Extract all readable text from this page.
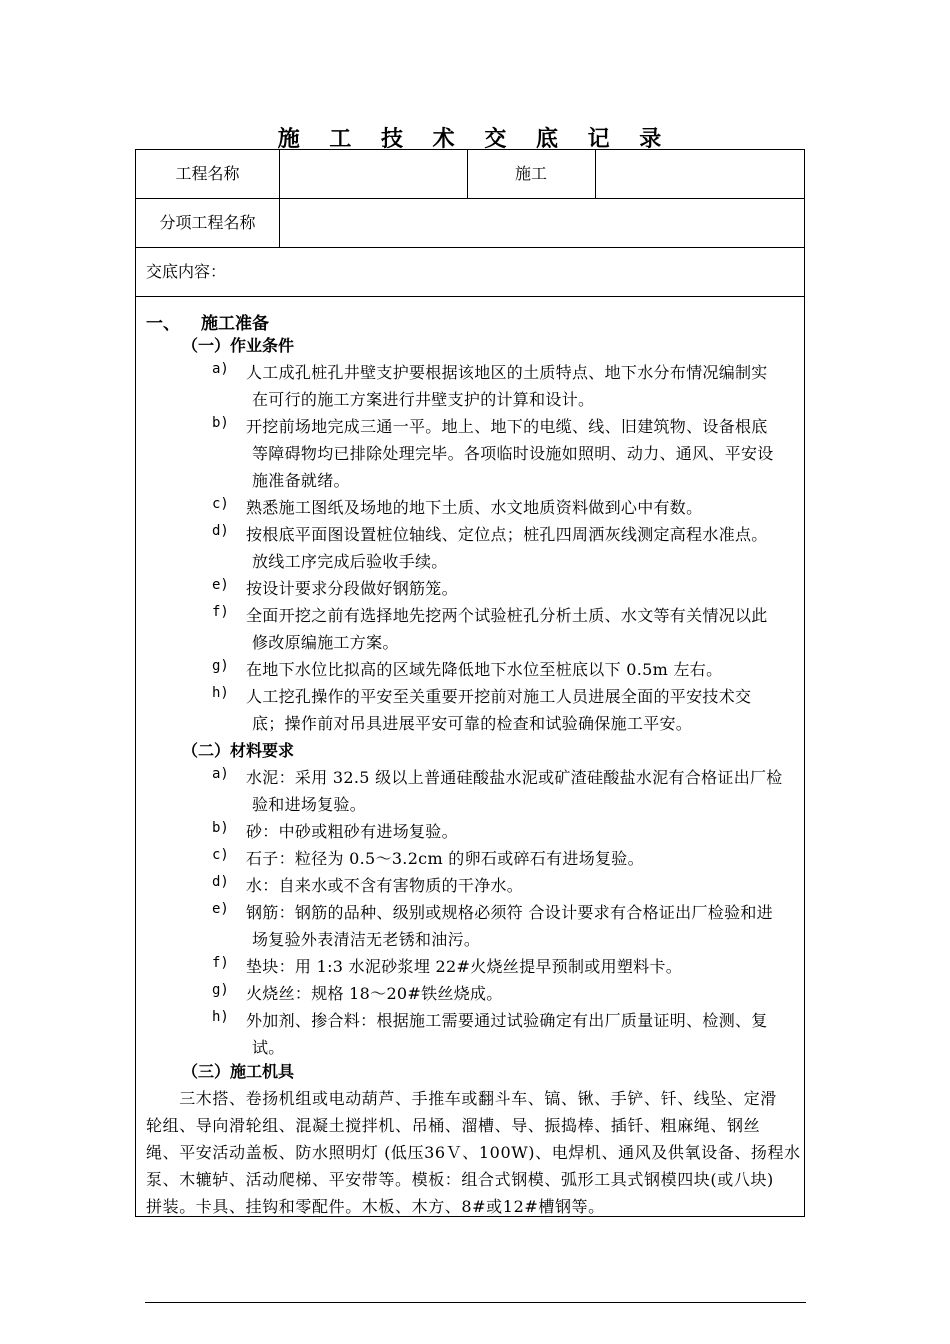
施 工 技 术 交 底 记 录
工程名称	施工
分项工程名称
交底内容：
一、 施工准备
（一）作业条件
a) 人工成孔桩孔井壁支护要根据该地区的土质特点、地下水分布情况编制实
在可行的施工方案进行井壁支护的计算和设计。
b) 开挖前场地完成三通一平。地上、地下的电缆、线、旧建筑物、设备根底
等障碍物均已排除处理完毕。各项临时设施如照明、动力、通风、平安设
施准备就绪。
c) 熟悉施工图纸及场地的地下土质、水文地质资料做到心中有数。
d) 按根底平面图设置桩位轴线、定位点；桩孔四周洒灰线测定高程水准点。
放线工序完成后验收手续。
e) 按设计要求分段做好钢筋笼。
f) 全面开挖之前有选择地先挖两个试验桩孔分析土质、水文等有关情况以此
修改原编施工方案。
g) 在地下水位比拟高的区域先降低地下水位至桩底以下 0.5m 左右。
h) 人工挖孔操作的平安至关重要开挖前对施工人员进展全面的平安技术交
底；操作前对吊具进展平安可靠的检查和试验确保施工平安。
（二）材料要求
a) 水泥：采用 32.5 级以上普通硅酸盐水泥或矿渣硅酸盐水泥有合格证出厂检
验和进场复验。
b) 砂：中砂或粗砂有进场复验。
c) 石子：粒径为 0.5～3.2cm 的卵石或碎石有进场复验。
d) 水：自来水或不含有害物质的干净水。
e) 钢筋：钢筋的品种、级别或规格必须符 合设计要求有合格证出厂检验和进
场复验外表清洁无老锈和油污。
f) 垫块：用 1:3 水泥砂浆埋 22#火烧丝提早预制或用塑料卡。
g) 火烧丝：规格 18～20#铁丝烧成。
h) 外加剂、掺合料：根据施工需要通过试验确定有出厂质量证明、检测、复
试。
（三）施工机具
　　三木搭、卷扬机组或电动葫芦、手推车或翻斗车、镐、锹、手铲、钎、线坠、定滑
轮组、导向滑轮组、混凝土搅拌机、吊桶、溜槽、导、振捣棒、插钎、粗麻绳、钢丝
绳、平安活动盖板、防水照明灯 (低压36Ｖ、100W)、电焊机、通风及供氧设备、扬程水
泵、木辘轳、活动爬梯、平安带等。模板：组合式钢模、弧形工具式钢模四块(或八块)
拼装。卡具、挂钩和零配件。木板、木方、8#或12#槽钢等。
